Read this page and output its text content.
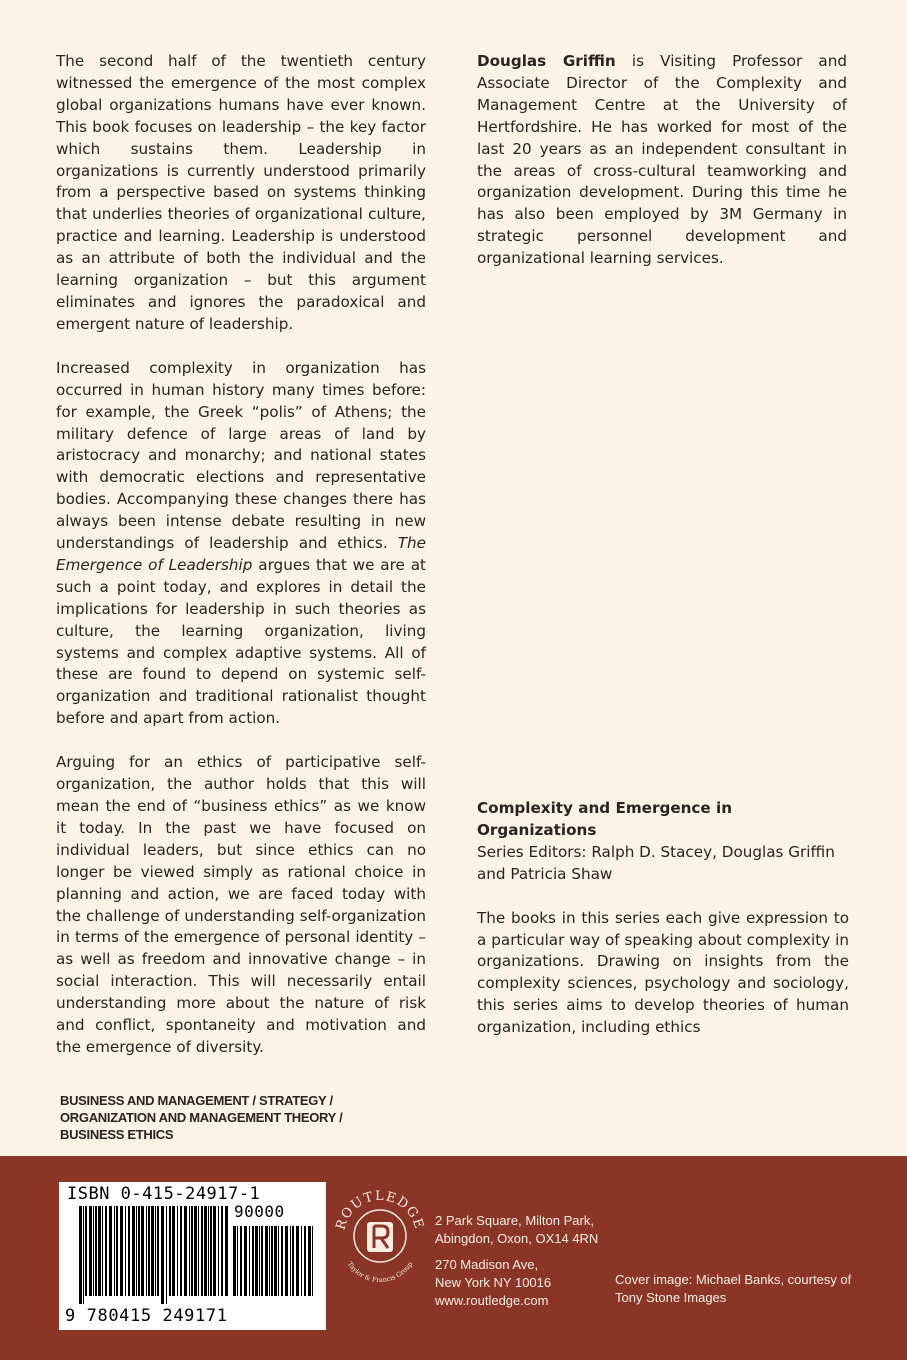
The second half of the twentieth century witnessed the emergence of the most complex global organizations humans have ever known. This book focuses on leadership – the key factor which sustains them. Leadership in organizations is currently understood primarily from a perspective based on systems thinking that underlies theories of organizational culture, practice and learning. Leadership is understood as an attribute of both the individual and the learning organization – but this argument eliminates and ignores the paradoxical and emergent nature of leadership.

Increased complexity in organization has occurred in human history many times before: for example, the Greek “polis” of Athens; the military defence of large areas of land by aristocracy and monarchy; and national states with democratic elections and representative bodies. Accompanying these changes there has always been intense debate resulting in new understandings of leadership and ethics. The Emergence of Leadership argues that we are at such a point today, and explores in detail the implications for leadership in such theories as culture, the learning organization, living systems and complex adaptive systems. All of these are found to depend on systemic self-organization and traditional rationalist thought before and apart from action.

Arguing for an ethics of participative self-organization, the author holds that this will mean the end of “business ethics” as we know it today. In the past we have focused on individual leaders, but since ethics can no longer be viewed simply as rational choice in planning and action, we are faced today with the challenge of understanding self-organization in terms of the emergence of personal identity – as well as freedom and innovative change – in social interaction. This will necessarily entail understanding more about the nature of risk and conflict, spontaneity and motivation and the emergence of diversity.

Douglas Griffin is Visiting Professor and Associate Director of the Complexity and Management Centre at the University of Hertfordshire. He has worked for most of the last 20 years as an independent consultant in the areas of cross-cultural teamworking and organization development. During this time he has also been employed by 3M Germany in strategic personnel development and organizational learning services.

Complexity and Emergence in Organizations

Series Editors: Ralph D. Stacey, Douglas Griffin and Patricia Shaw

The books in this series each give expression to a particular way of speaking about complexity in organizations. Drawing on insights from the complexity sciences, psychology and sociology, this series aims to develop theories of human organization, including ethics

BUSINESS AND MANAGEMENT / STRATEGY /
ORGANIZATION AND MANAGEMENT THEORY /
BUSINESS ETHICS
ISBN 0-415-24917-1
90000
9 780415 249171
ROUTLEDGE
Taylor & Francis Group
2 Park Square, Milton Park,
Abingdon, Oxon, OX14 4RN
270 Madison Ave,
New York NY 10016
www.routledge.com
Cover image: Michael Banks, courtesy of
Tony Stone Images
